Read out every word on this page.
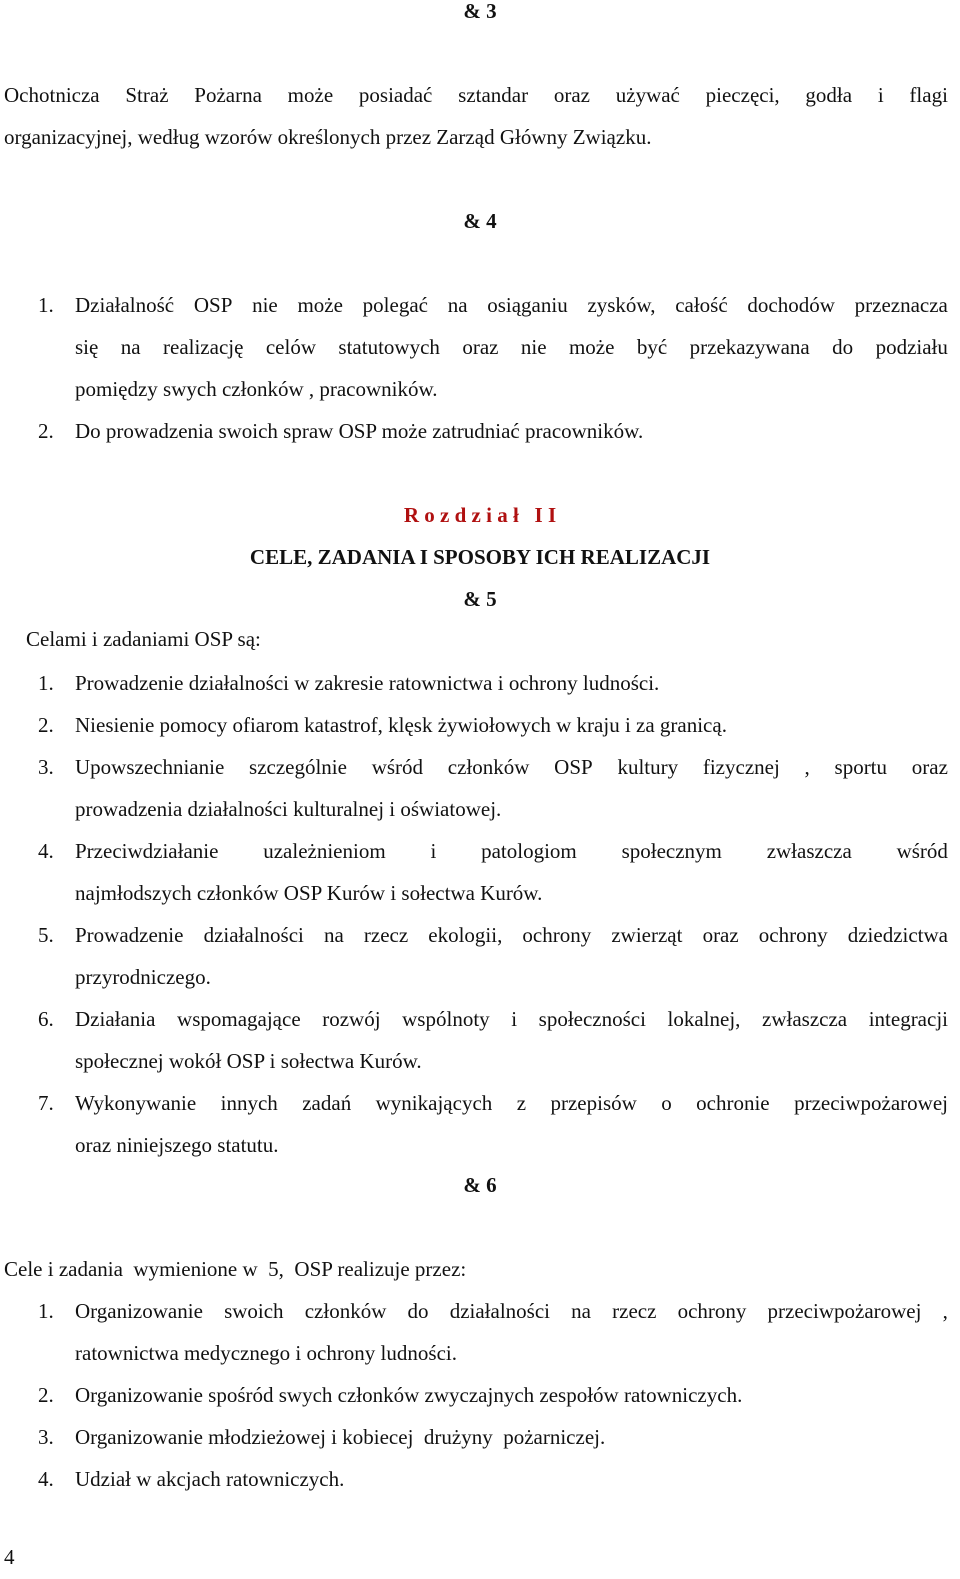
& 3
Ochotnicza Straż Pożarna może posiadać sztandar oraz używać pieczęci, godła i flagi
organizacyjnej, według wzorów określonych przez Zarząd Główny Związku.
& 4
1. Działalność OSP nie może polegać na osiąganiu zysków, całość dochodów przeznacza
się na realizację celów statutowych oraz nie może być przekazywana do podziału
pomiędzy swych członków , pracowników.
2. Do prowadzenia swoich spraw OSP może zatrudniać pracowników.
R o z d z i a ł   I I
CELE, ZADANIA I SPOSOBY ICH REALIZACJI
& 5
Celami i zadaniami OSP są:
1. Prowadzenie działalności w zakresie ratownictwa i ochrony ludności.
2. Niesienie pomocy ofiarom katastrof, klęsk żywiołowych w kraju i za granicą.
3. Upowszechnianie szczególnie wśród członków OSP kultury fizycznej , sportu oraz
prowadzenia działalności kulturalnej i oświatowej.
4. Przeciwdziałanie uzależnieniom i patologiom społecznym zwłaszcza wśród
najmłodszych członków OSP Kurów i sołectwa Kurów.
5. Prowadzenie działalności na rzecz ekologii, ochrony zwierząt oraz ochrony dziedzictwa
przyrodniczego.
6. Działania wspomagające rozwój wspólnoty i społeczności lokalnej, zwłaszcza integracji
społecznej wokół OSP i sołectwa Kurów.
7. Wykonywanie innych zadań wynikających z przepisów o ochronie przeciwpożarowej
oraz niniejszego statutu.
& 6
Cele i zadania  wymienione w  5,  OSP realizuje przez:
1. Organizowanie swoich członków do działalności na rzecz ochrony przeciwpożarowej ,
ratownictwa medycznego i ochrony ludności.
2. Organizowanie spośród swych członków zwyczajnych zespołów ratowniczych.
3. Organizowanie młodzieżowej i kobiecej  drużyny  pożarniczej.
4. Udział w akcjach ratowniczych.
4
